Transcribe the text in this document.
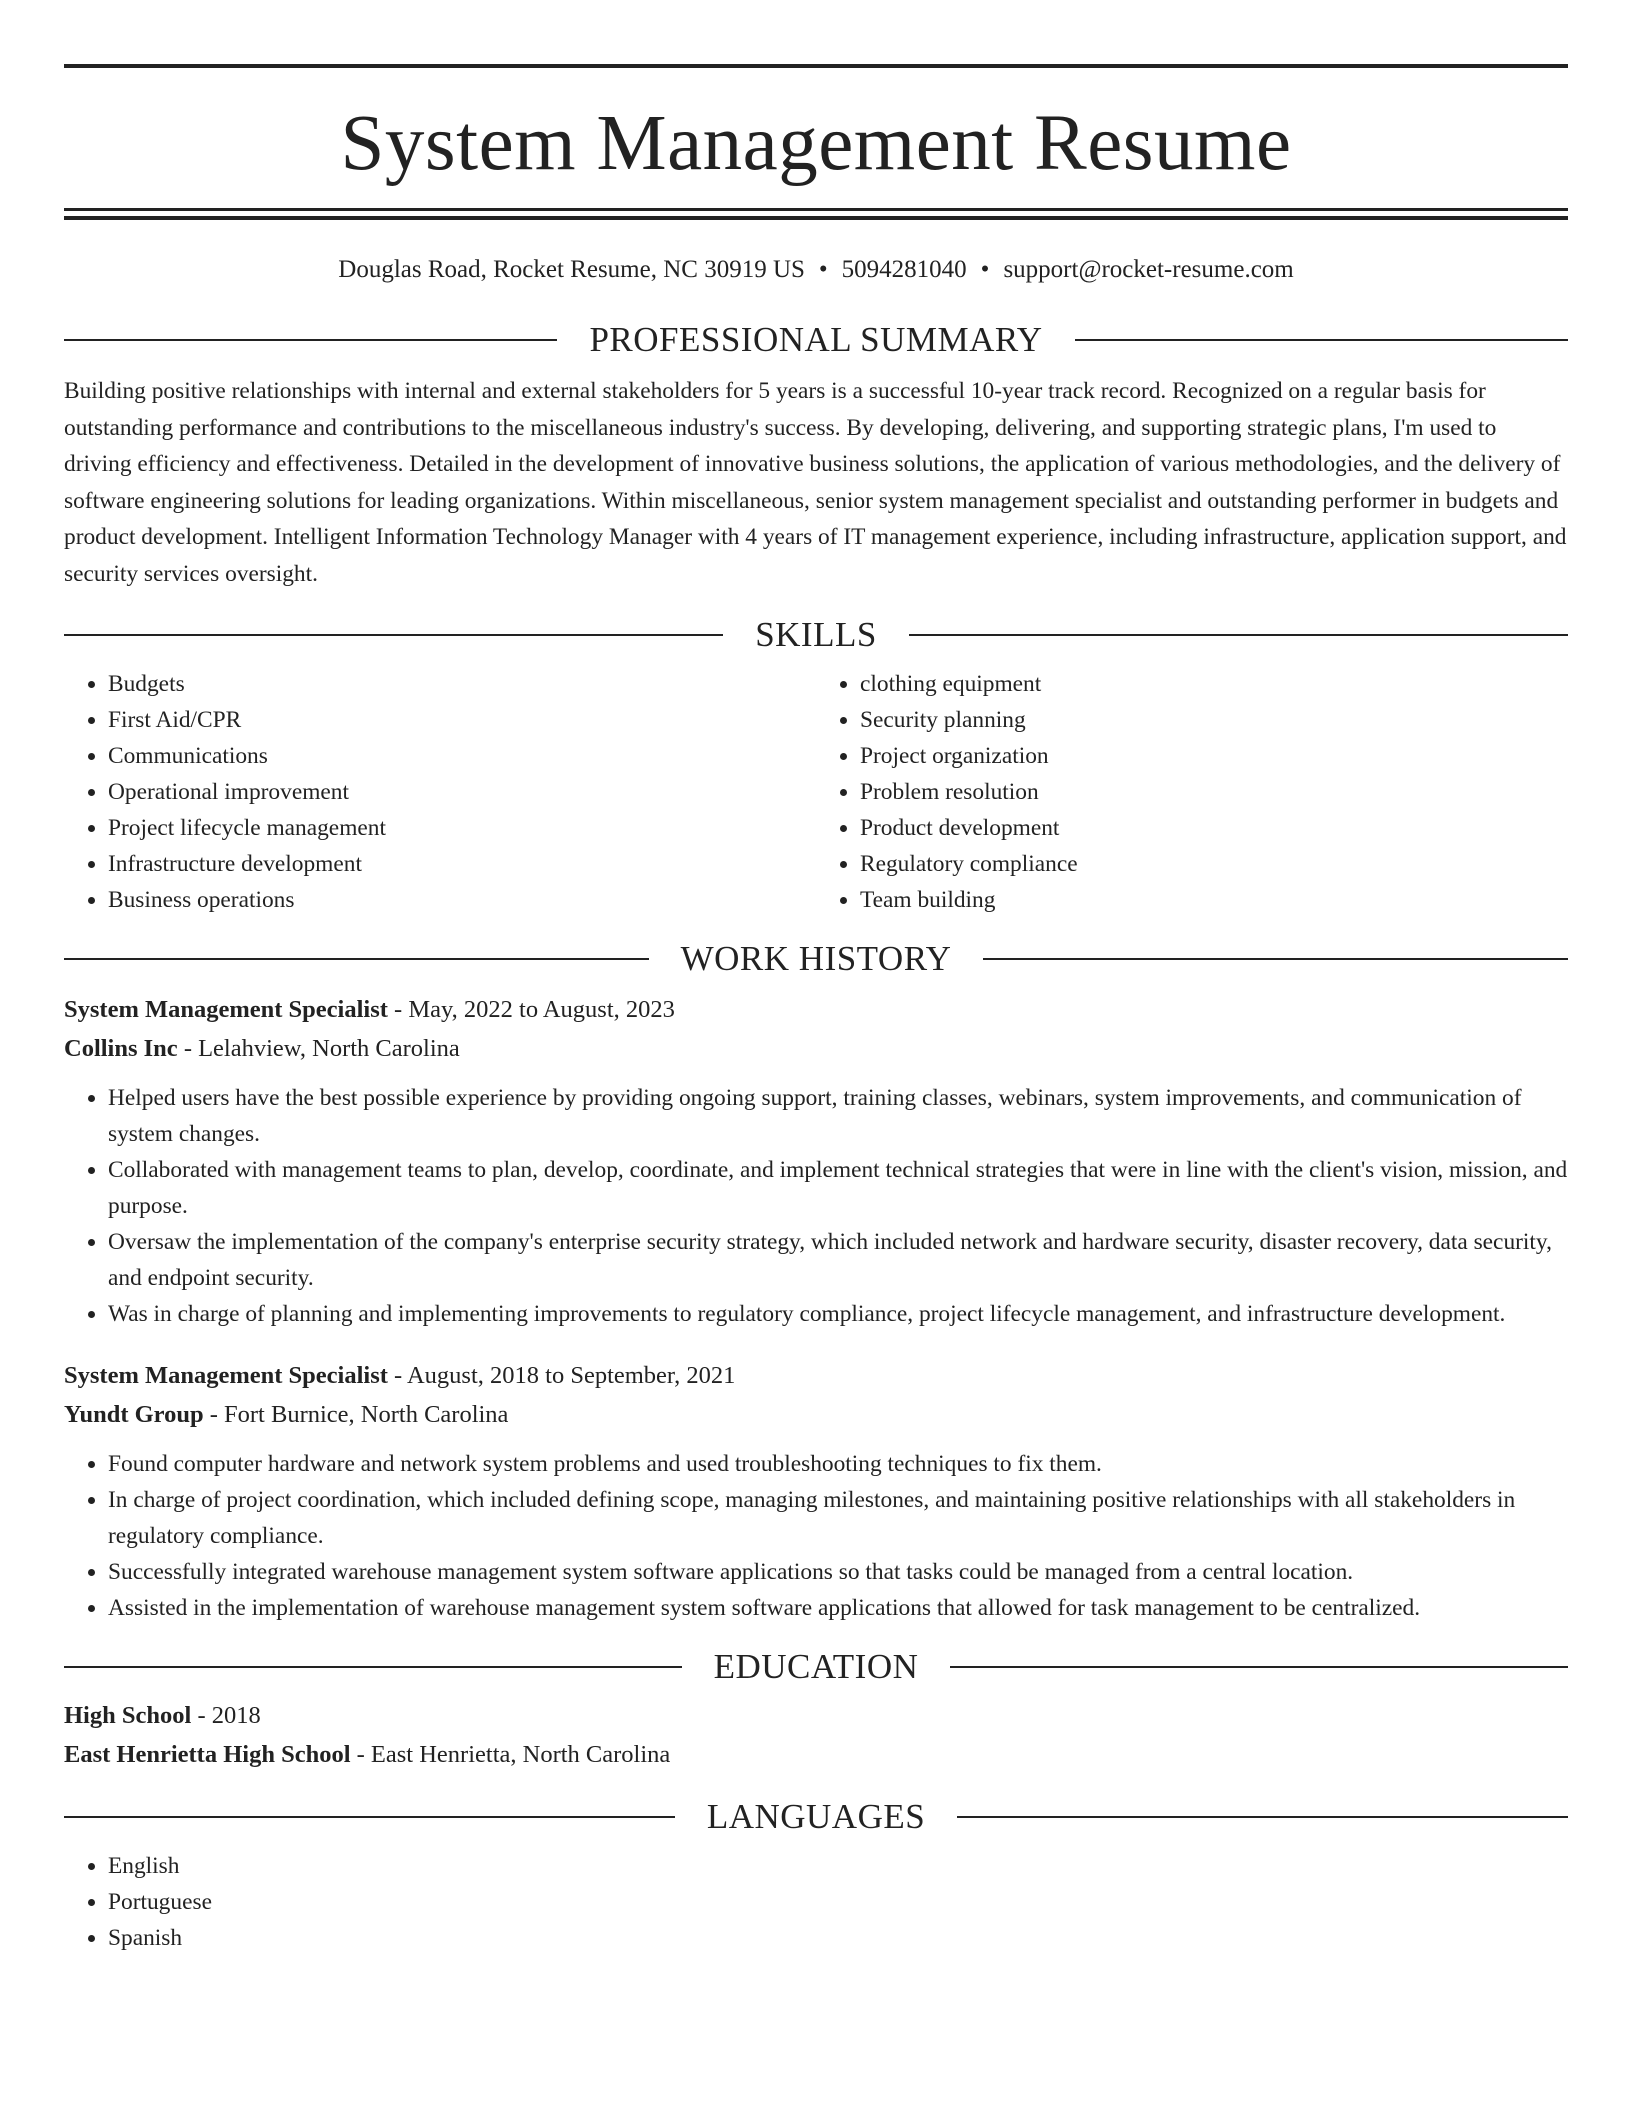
System Management Resume
Douglas Road, Rocket Resume, NC 30919 US • 5094281040 • support@rocket-resume.com
PROFESSIONAL SUMMARY
Building positive relationships with internal and external stakeholders for 5 years is a successful 10-year track record. Recognized on a regular basis for outstanding performance and contributions to the miscellaneous industry's success. By developing, delivering, and supporting strategic plans, I'm used to driving efficiency and effectiveness. Detailed in the development of innovative business solutions, the application of various methodologies, and the delivery of software engineering solutions for leading organizations. Within miscellaneous, senior system management specialist and outstanding performer in budgets and product development. Intelligent Information Technology Manager with 4 years of IT management experience, including infrastructure, application support, and security services oversight.
SKILLS
• Budgets
• First Aid/CPR
• Communications
• Operational improvement
• Project lifecycle management
• Infrastructure development
• Business operations
• clothing equipment
• Security planning
• Project organization
• Problem resolution
• Product development
• Regulatory compliance
• Team building
WORK HISTORY
System Management Specialist - May, 2022 to August, 2023
Collins Inc - Lelahview, North Carolina
• Helped users have the best possible experience by providing ongoing support, training classes, webinars, system improvements, and communication of system changes.
• Collaborated with management teams to plan, develop, coordinate, and implement technical strategies that were in line with the client's vision, mission, and purpose.
• Oversaw the implementation of the company's enterprise security strategy, which included network and hardware security, disaster recovery, data security, and endpoint security.
• Was in charge of planning and implementing improvements to regulatory compliance, project lifecycle management, and infrastructure development.
System Management Specialist - August, 2018 to September, 2021
Yundt Group - Fort Burnice, North Carolina
• Found computer hardware and network system problems and used troubleshooting techniques to fix them.
• In charge of project coordination, which included defining scope, managing milestones, and maintaining positive relationships with all stakeholders in regulatory compliance.
• Successfully integrated warehouse management system software applications so that tasks could be managed from a central location.
• Assisted in the implementation of warehouse management system software applications that allowed for task management to be centralized.
EDUCATION
High School - 2018
East Henrietta High School - East Henrietta, North Carolina
LANGUAGES
• English
• Portuguese
• Spanish
